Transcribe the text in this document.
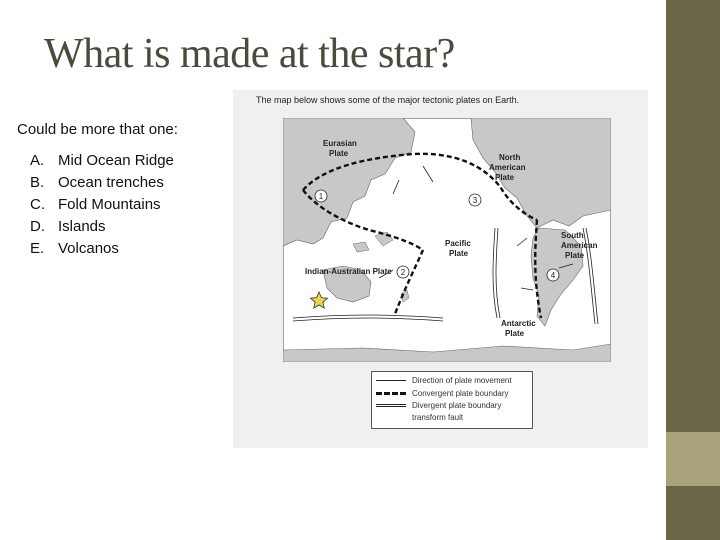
What is made at the star?
Could be more that one:
A. Mid Ocean Ridge
B. Ocean trenches
C. Fold Mountains
D. Islands
E. Volcanos
The map below shows some of the major tectonic plates on Earth.
Eurasian
Plate	North
American
Plate
Pacific
Plate
South
American
Plate
Indian-Australian Plate
Antarctic
Plate
1
2
3
4
Direction of plate movement
Convergent plate boundary
Divergent plate boundary
transform fault
